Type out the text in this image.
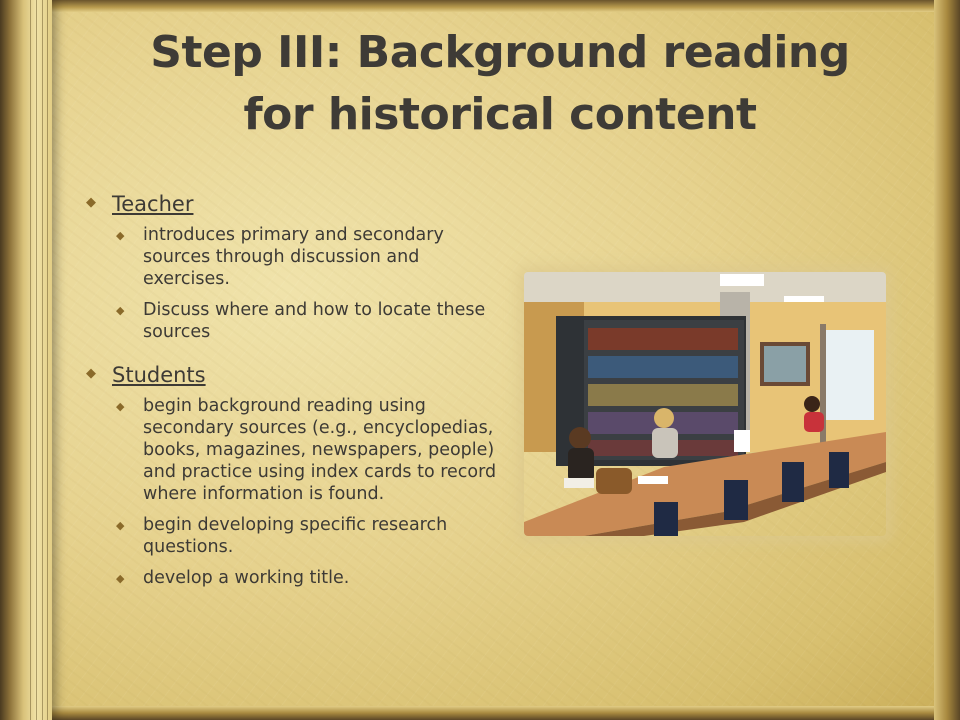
Step III: Background reading
for historical content
◆ Teacher
◆	introduces primary and secondary sources through discussion and exercises.
◆	Discuss where and how to locate these sources
◆ Students
◆	begin background reading using secondary sources (e.g., encyclopedias, books, magazines, newspapers, people) and practice using index cards to record where information is found.
◆	begin developing specific research questions.
◆	develop a working title.
